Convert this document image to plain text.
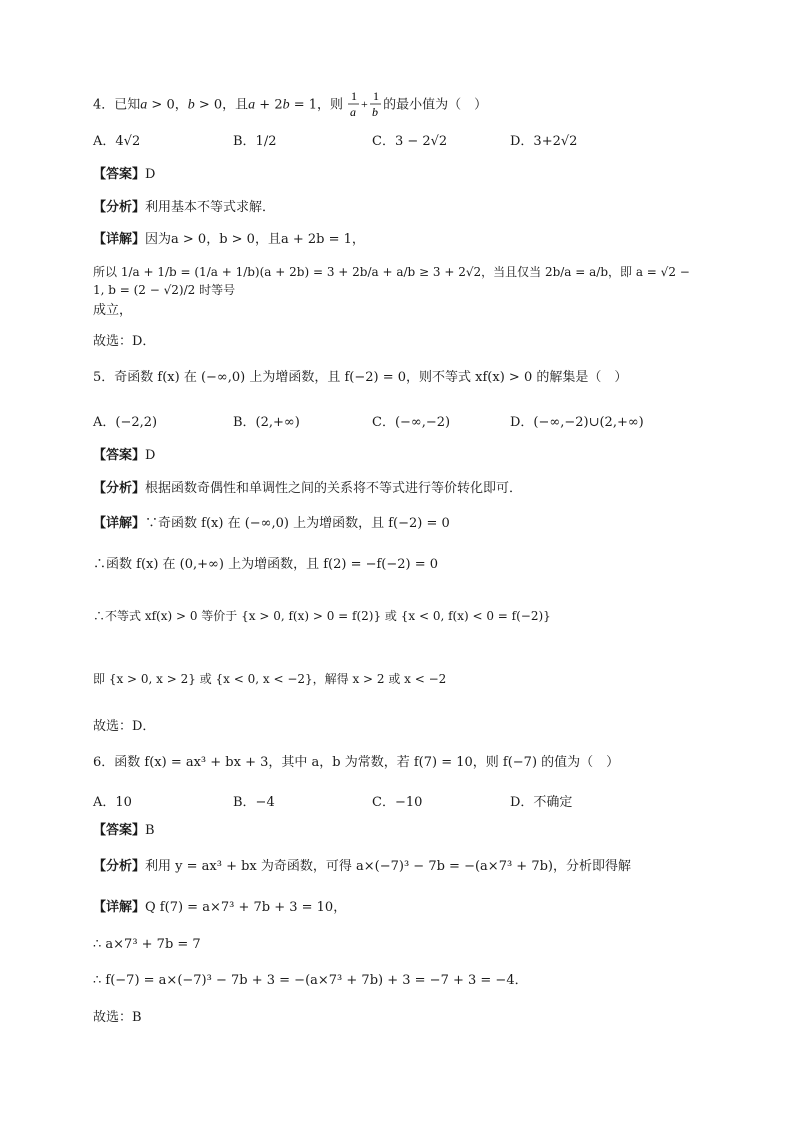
4．已知a > 0，b > 0，且a + 2b = 1，则
1
a
+
1
b 的最小值为（　）
A．4√2	B．1/2	C．3 − 2√2	D．3+2√2
【答案】D
【分析】利用基本不等式求解．
【详解】因为a > 0，b > 0，且a + 2b = 1，
所以 1/a + 1/b = (1/a + 1/b)(a + 2b) = 3 + 2b/a + a/b ≥ 3 + 2√2，当且仅当 2b/a = a/b，即 a = √2 − 1, b = (2 − √2)/2 时等号
成立，
故选：D．
5．奇函数 f(x) 在 (−∞,0) 上为增函数，且 f(−2) = 0，则不等式 xf(x) > 0 的解集是（　）
A．(−2,2)	B．(2,+∞)	C．(−∞,−2)	D．(−∞,−2)∪(2,+∞)
【答案】D
【分析】根据函数奇偶性和单调性之间的关系将不等式进行等价转化即可．
【详解】∵奇函数 f(x) 在 (−∞,0) 上为增函数，且 f(−2) = 0
∴函数 f(x) 在 (0,+∞) 上为增函数，且 f(2) = −f(−2) = 0
∴不等式 xf(x) > 0 等价于 {x > 0, f(x) > 0 = f(2)} 或 {x < 0, f(x) < 0 = f(−2)}
即 {x > 0, x > 2} 或 {x < 0, x < −2}，解得 x > 2 或 x < −2
故选：D．
6．函数 f(x) = ax³ + bx + 3，其中 a，b 为常数，若 f(7) = 10，则 f(−7) 的值为（　）
A．10	B．−4	C．−10	D．不确定
【答案】B
【分析】利用 y = ax³ + bx 为奇函数，可得 a×(−7)³ − 7b = −(a×7³ + 7b)，分析即得解
【详解】Q f(7) = a×7³ + 7b + 3 = 10，
∴ a×7³ + 7b = 7
∴ f(−7) = a×(−7)³ − 7b + 3 = −(a×7³ + 7b) + 3 = −7 + 3 = −4．
故选：B
